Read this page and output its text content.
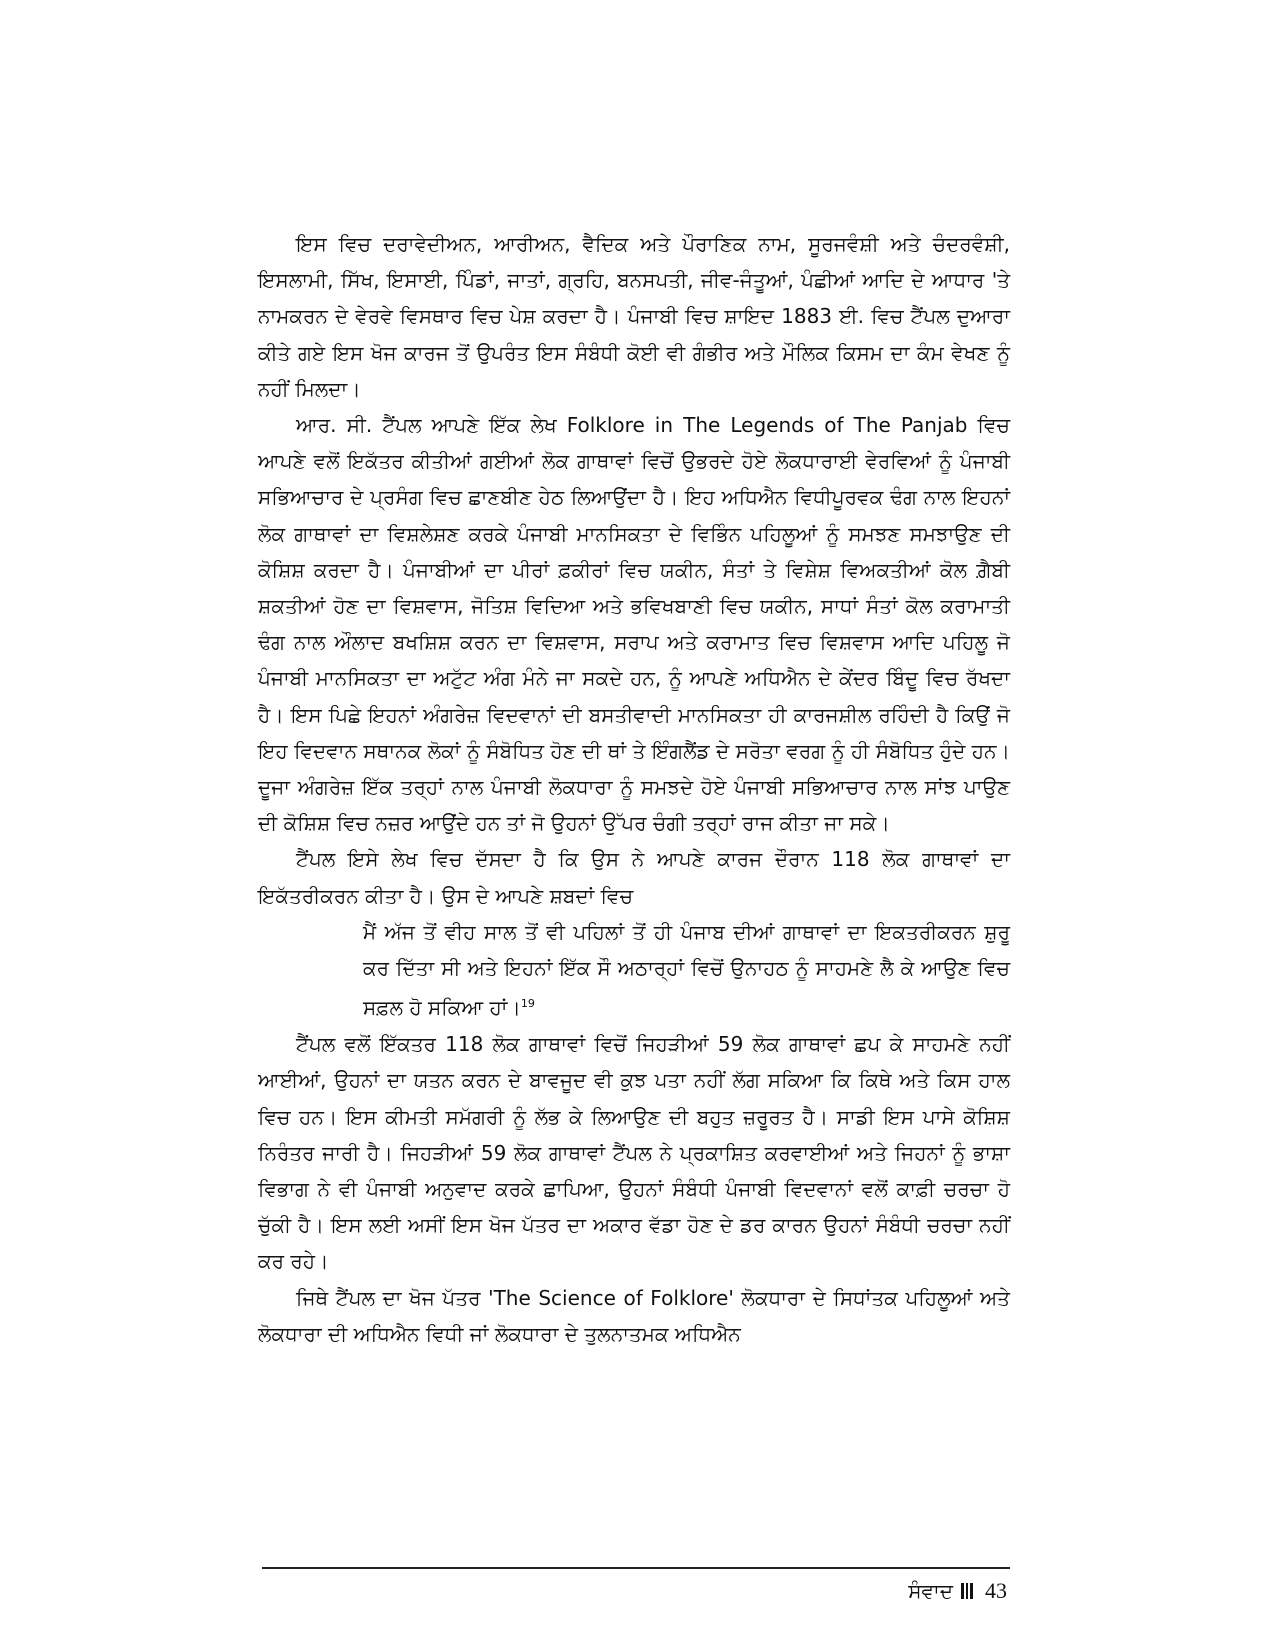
ਇਸ ਵਿਚ ਦਰਾਵੇਦੀਅਨ, ਆਰੀਅਨ, ਵੈਦਿਕ ਅਤੇ ਪੌਰਾਣਿਕ ਨਾਮ, ਸੂਰਜਵੰਸ਼ੀ ਅਤੇ ਚੰਦਰਵੰਸ਼ੀ, ਇਸਲਾਮੀ, ਸਿੱਖ, ਇਸਾਈ, ਪਿੰਡਾਂ, ਜਾਤਾਂ, ਗ੍ਰਹਿ, ਬਨਸਪਤੀ, ਜੀਵ-ਜੰਤੂਆਂ, ਪੰਛੀਆਂ ਆਦਿ ਦੇ ਆਧਾਰ 'ਤੇ ਨਾਮਕਰਨ ਦੇ ਵੇਰਵੇ ਵਿਸਥਾਰ ਵਿਚ ਪੇਸ਼ ਕਰਦਾ ਹੈ। ਪੰਜਾਬੀ ਵਿਚ ਸ਼ਾਇਦ 1883 ਈ. ਵਿਚ ਟੈਂਪਲ ਦੁਆਰਾ ਕੀਤੇ ਗਏ ਇਸ ਖੋਜ ਕਾਰਜ ਤੋਂ ਉਪਰੰਤ ਇਸ ਸੰਬੰਧੀ ਕੋਈ ਵੀ ਗੰਭੀਰ ਅਤੇ ਮੌਲਿਕ ਕਿਸਮ ਦਾ ਕੰਮ ਵੇਖਣ ਨੂੰ ਨਹੀਂ ਮਿਲਦਾ।

ਆਰ. ਸੀ. ਟੈਂਪਲ ਆਪਣੇ ਇੱਕ ਲੇਖ Folklore in The Legends of The Panjab ਵਿਚ ਆਪਣੇ ਵਲੋਂ ਇਕੱਤਰ ਕੀਤੀਆਂ ਗਈਆਂ ਲੋਕ ਗਾਥਾਵਾਂ ਵਿਚੋਂ ਉਭਰਦੇ ਹੋਏ ਲੋਕਧਾਰਾਈ ਵੇਰਵਿਆਂ ਨੂੰ ਪੰਜਾਬੀ ਸਭਿਆਚਾਰ ਦੇ ਪ੍ਰਸੰਗ ਵਿਚ ਛਾਣਬੀਣ ਹੇਠ ਲਿਆਉਂਦਾ ਹੈ। ਇਹ ਅਧਿਐਨ ਵਿਧੀਪੂਰਵਕ ਢੰਗ ਨਾਲ ਇਹਨਾਂ ਲੋਕ ਗਾਥਾਵਾਂ ਦਾ ਵਿਸ਼ਲੇਸ਼ਣ ਕਰਕੇ ਪੰਜਾਬੀ ਮਾਨਸਿਕਤਾ ਦੇ ਵਿਭਿੰਨ ਪਹਿਲੂਆਂ ਨੂੰ ਸਮਝਣ ਸਮਝਾਉਣ ਦੀ ਕੋਸ਼ਿਸ਼ ਕਰਦਾ ਹੈ। ਪੰਜਾਬੀਆਂ ਦਾ ਪੀਰਾਂ ਫ਼ਕੀਰਾਂ ਵਿਚ ਯਕੀਨ, ਸੰਤਾਂ ਤੇ ਵਿਸ਼ੇਸ਼ ਵਿਅਕਤੀਆਂ ਕੋਲ ਗ਼ੈਬੀ ਸ਼ਕਤੀਆਂ ਹੋਣ ਦਾ ਵਿਸ਼ਵਾਸ, ਜੋਤਿਸ਼ ਵਿਦਿਆ ਅਤੇ ਭਵਿਖਬਾਣੀ ਵਿਚ ਯਕੀਨ, ਸਾਧਾਂ ਸੰਤਾਂ ਕੋਲ ਕਰਾਮਾਤੀ ਢੰਗ ਨਾਲ ਔਲਾਦ ਬਖਸ਼ਿਸ਼ ਕਰਨ ਦਾ ਵਿਸ਼ਵਾਸ, ਸਰਾਪ ਅਤੇ ਕਰਾਮਾਤ ਵਿਚ ਵਿਸ਼ਵਾਸ ਆਦਿ ਪਹਿਲੂ ਜੋ ਪੰਜਾਬੀ ਮਾਨਸਿਕਤਾ ਦਾ ਅਟੁੱਟ ਅੰਗ ਮੰਨੇ ਜਾ ਸਕਦੇ ਹਨ, ਨੂੰ ਆਪਣੇ ਅਧਿਐਨ ਦੇ ਕੇਂਦਰ ਬਿੰਦੂ ਵਿਚ ਰੱਖਦਾ ਹੈ। ਇਸ ਪਿਛੇ ਇਹਨਾਂ ਅੰਗਰੇਜ਼ ਵਿਦਵਾਨਾਂ ਦੀ ਬਸਤੀਵਾਦੀ ਮਾਨਸਿਕਤਾ ਹੀ ਕਾਰਜਸ਼ੀਲ ਰਹਿੰਦੀ ਹੈ ਕਿਉਂ ਜੋ ਇਹ ਵਿਦਵਾਨ ਸਥਾਨਕ ਲੋਕਾਂ ਨੂੰ ਸੰਬੋਧਿਤ ਹੋਣ ਦੀ ਥਾਂ ਤੇ ਇੰਗਲੈਂਡ ਦੇ ਸਰੋਤਾ ਵਰਗ ਨੂੰ ਹੀ ਸੰਬੋਧਿਤ ਹੁੰਦੇ ਹਨ। ਦੂਜਾ ਅੰਗਰੇਜ਼ ਇੱਕ ਤਰ੍ਹਾਂ ਨਾਲ ਪੰਜਾਬੀ ਲੋਕਧਾਰਾ ਨੂੰ ਸਮਝਦੇ ਹੋਏ ਪੰਜਾਬੀ ਸਭਿਆਚਾਰ ਨਾਲ ਸਾਂਝ ਪਾਉਣ ਦੀ ਕੋਸ਼ਿਸ਼ ਵਿਚ ਨਜ਼ਰ ਆਉਂਦੇ ਹਨ ਤਾਂ ਜੋ ਉਹਨਾਂ ਉੱਪਰ ਚੰਗੀ ਤਰ੍ਹਾਂ ਰਾਜ ਕੀਤਾ ਜਾ ਸਕੇ।

ਟੈਂਪਲ ਇਸੇ ਲੇਖ ਵਿਚ ਦੱਸਦਾ ਹੈ ਕਿ ਉਸ ਨੇ ਆਪਣੇ ਕਾਰਜ ਦੌਰਾਨ 118 ਲੋਕ ਗਾਥਾਵਾਂ ਦਾ ਇਕੱਤਰੀਕਰਨ ਕੀਤਾ ਹੈ। ਉਸ ਦੇ ਆਪਣੇ ਸ਼ਬਦਾਂ ਵਿਚ

ਮੈਂ ਅੱਜ ਤੋਂ ਵੀਹ ਸਾਲ ਤੋਂ ਵੀ ਪਹਿਲਾਂ ਤੋਂ ਹੀ ਪੰਜਾਬ ਦੀਆਂ ਗਾਥਾਵਾਂ ਦਾ ਇਕਤਰੀਕਰਨ ਸ਼ੁਰੂ ਕਰ ਦਿੱਤਾ ਸੀ ਅਤੇ ਇਹਨਾਂ ਇੱਕ ਸੌ ਅਠਾਰ੍ਹਾਂ ਵਿਚੋਂ ਉਨਾਹਠ ਨੂੰ ਸਾਹਮਣੇ ਲੈ ਕੇ ਆਉਣ ਵਿਚ ਸਫ਼ਲ ਹੋ ਸਕਿਆ ਹਾਂ।$^{19}$

ਟੈਂਪਲ ਵਲੋਂ ਇੱਕਤਰ 118 ਲੋਕ ਗਾਥਾਵਾਂ ਵਿਚੋਂ ਜਿਹੜੀਆਂ 59 ਲੋਕ ਗਾਥਾਵਾਂ ਛਪ ਕੇ ਸਾਹਮਣੇ ਨਹੀਂ ਆਈਆਂ, ਉਹਨਾਂ ਦਾ ਯਤਨ ਕਰਨ ਦੇ ਬਾਵਜੂਦ ਵੀ ਕੁਝ ਪਤਾ ਨਹੀਂ ਲੱਗ ਸਕਿਆ ਕਿ ਕਿਥੇ ਅਤੇ ਕਿਸ ਹਾਲ ਵਿਚ ਹਨ। ਇਸ ਕੀਮਤੀ ਸਮੱਗਰੀ ਨੂੰ ਲੱਭ ਕੇ ਲਿਆਉਣ ਦੀ ਬਹੁਤ ਜ਼ਰੂਰਤ ਹੈ। ਸਾਡੀ ਇਸ ਪਾਸੇ ਕੋਸ਼ਿਸ਼ ਨਿਰੰਤਰ ਜਾਰੀ ਹੈ। ਜਿਹੜੀਆਂ 59 ਲੋਕ ਗਾਥਾਵਾਂ ਟੈਂਪਲ ਨੇ ਪ੍ਰਕਾਸ਼ਿਤ ਕਰਵਾਈਆਂ ਅਤੇ ਜਿਹਨਾਂ ਨੂੰ ਭਾਸ਼ਾ ਵਿਭਾਗ ਨੇ ਵੀ ਪੰਜਾਬੀ ਅਨੁਵਾਦ ਕਰਕੇ ਛਾਪਿਆ, ਉਹਨਾਂ ਸੰਬੰਧੀ ਪੰਜਾਬੀ ਵਿਦਵਾਨਾਂ ਵਲੋਂ ਕਾਫ਼ੀ ਚਰਚਾ ਹੋ ਚੁੱਕੀ ਹੈ। ਇਸ ਲਈ ਅਸੀਂ ਇਸ ਖੋਜ ਪੱਤਰ ਦਾ ਅਕਾਰ ਵੱਡਾ ਹੋਣ ਦੇ ਡਰ ਕਾਰਨ ਉਹਨਾਂ ਸੰਬੰਧੀ ਚਰਚਾ ਨਹੀਂ ਕਰ ਰਹੇ।

ਜਿਥੇ ਟੈਂਪਲ ਦਾ ਖੋਜ ਪੱਤਰ 'The Science of Folklore' ਲੋਕਧਾਰਾ ਦੇ ਸਿਧਾਂਤਕ ਪਹਿਲੂਆਂ ਅਤੇ ਲੋਕਧਾਰਾ ਦੀ ਅਧਿਐਨ ਵਿਧੀ ਜਾਂ ਲੋਕਧਾਰਾ ਦੇ ਤੁਲਨਾਤਮਕ ਅਧਿਐਨ

ਸੰਵਾਦ 43
